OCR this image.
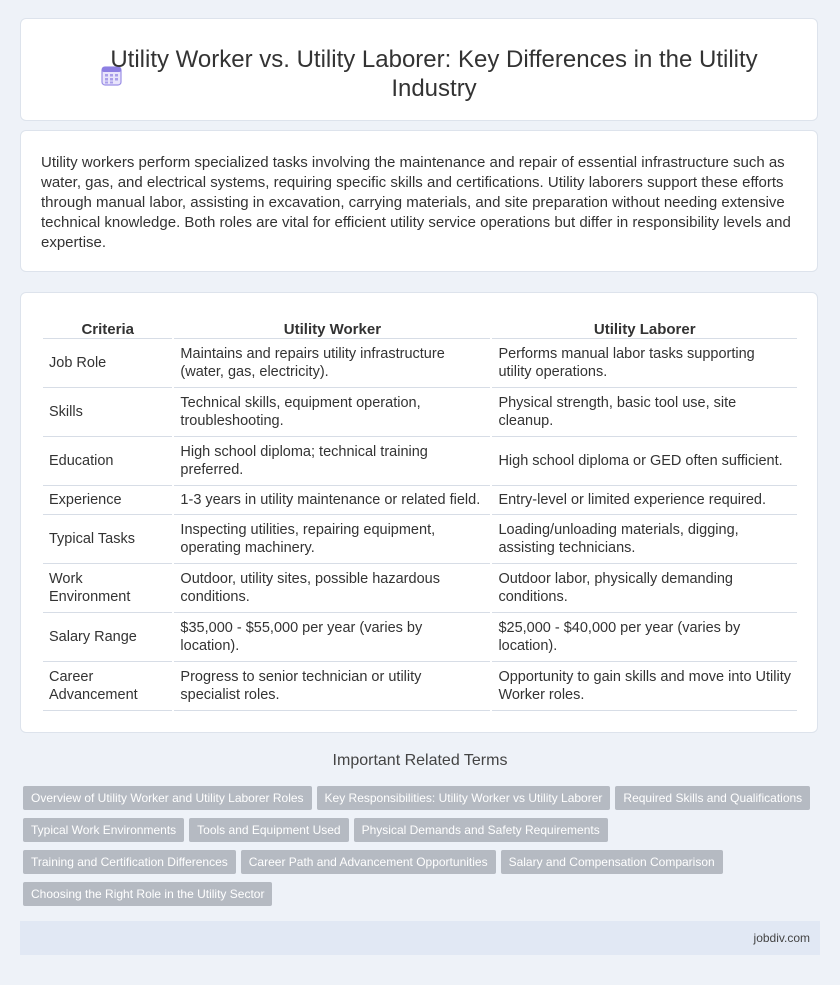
Utility Worker vs. Utility Laborer: Key Differences in the Utility Industry

Utility workers perform specialized tasks involving the maintenance and repair of essential infrastructure such as water, gas, and electrical systems, requiring specific skills and certifications. Utility laborers support these efforts through manual labor, assisting in excavation, carrying materials, and site preparation without needing extensive technical knowledge. Both roles are vital for efficient utility service operations but differ in responsibility levels and expertise.

Criteria	Utility Worker	Utility Laborer
Job Role	Maintains and repairs utility infrastructure (water, gas, electricity).	Performs manual labor tasks supporting utility operations.
Skills	Technical skills, equipment operation, troubleshooting.	Physical strength, basic tool use, site cleanup.
Education	High school diploma; technical training preferred.	High school diploma or GED often sufficient.
Experience	1-3 years in utility maintenance or related field.	Entry-level or limited experience required.
Typical Tasks	Inspecting utilities, repairing equipment, operating machinery.	Loading/unloading materials, digging, assisting technicians.
Work Environment	Outdoor, utility sites, possible hazardous conditions.	Outdoor labor, physically demanding conditions.
Salary Range	$35,000 - $55,000 per year (varies by location).	$25,000 - $40,000 per year (varies by location).
Career Advancement	Progress to senior technician or utility specialist roles.	Opportunity to gain skills and move into Utility Worker roles.
Important Related Terms
Overview of Utility Worker and Utility Laborer Roles Key Responsibilities: Utility Worker vs Utility Laborer Required Skills and QualificationsTypical Work Environments Tools and Equipment Used Physical Demands and Safety RequirementsTraining and Certification Differences Career Path and Advancement Opportunities Salary and Compensation ComparisonChoosing the Right Role in the Utility Sector
jobdiv.com
